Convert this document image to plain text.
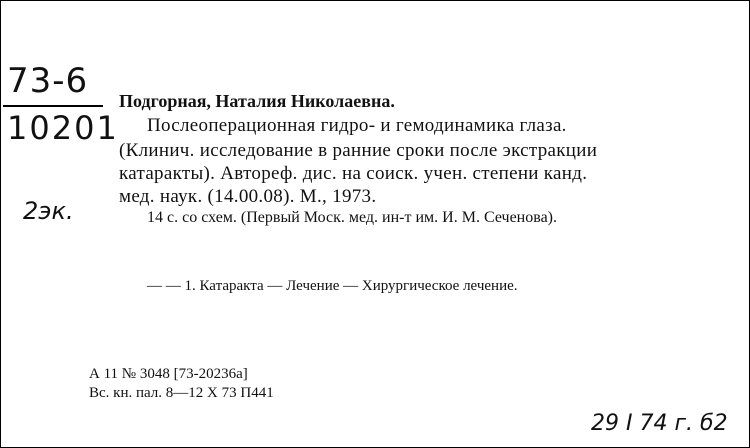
73-6
10201
2эк.
Подгорная, Наталия Николаевна.
Послеоперационная гидро- и гемодинамика глаза.
(Клинич. исследование в ранние сроки после экстракции
катаракты). Автореф. дис. на соиск. учен. степени канд.
мед. наук. (14.00.08). М., 1973.
14 с. со схем. (Первый Моск. мед. ин-т им. И. М. Сеченова).
— — 1. Катаракта — Лечение — Хирургическое лечение.
А 11 № 3048 [73-20236а]
Вс. кн. пал. 8—12 Х 73 П441
29 I 74 г. б2
